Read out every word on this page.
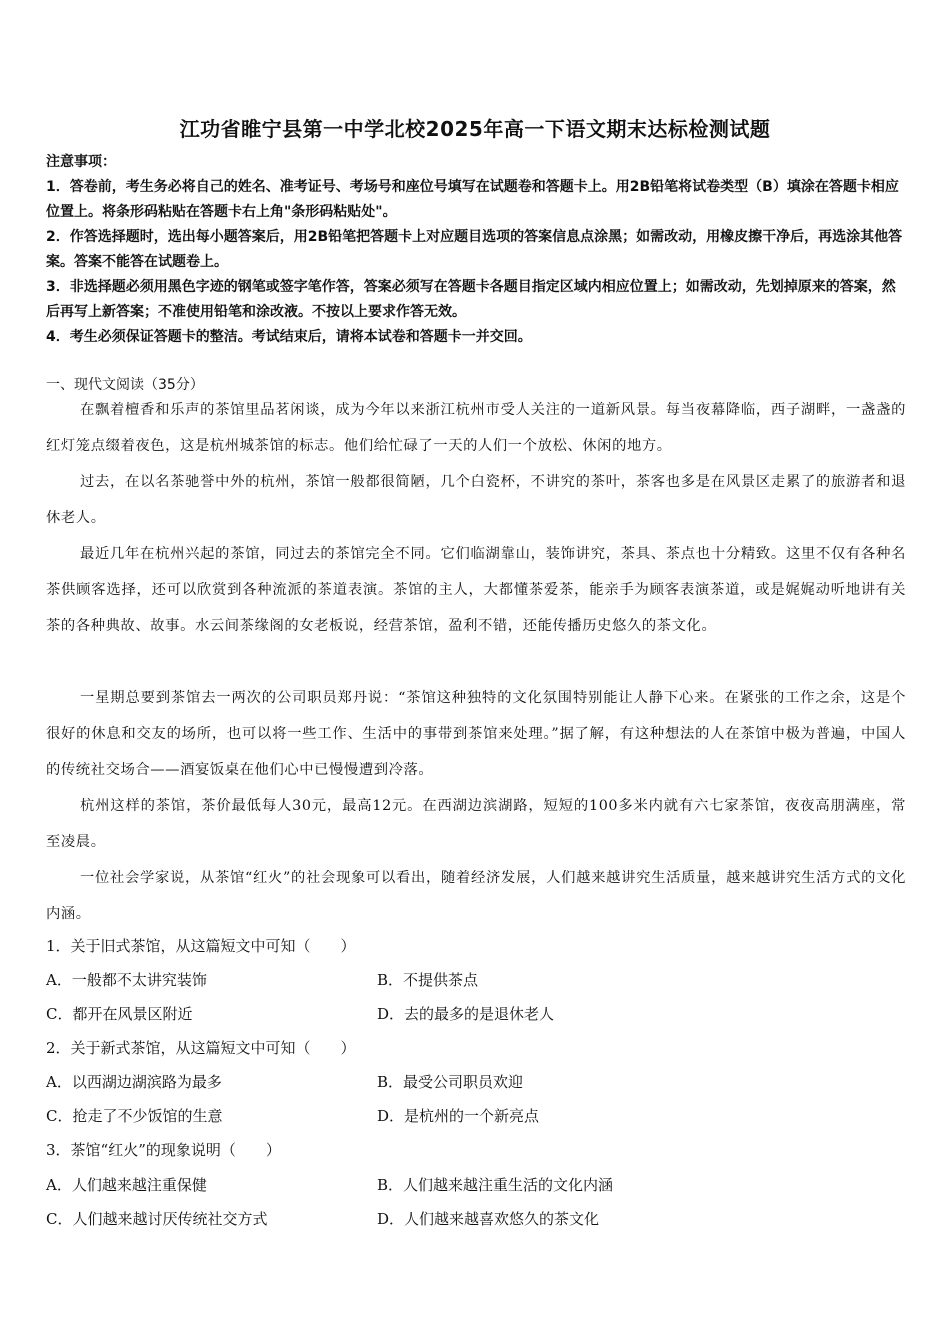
江功省睢宁县第一中学北校2025年高一下语文期末达标检测试题
注意事项：
1．答卷前，考生务必将自己的姓名、准考证号、考场号和座位号填写在试题卷和答题卡上。用2B铅笔将试卷类型（B）填涂在答题卡相应位置上。将条形码粘贴在答题卡右上角"条形码粘贴处"。
2．作答选择题时，选出每小题答案后，用2B铅笔把答题卡上对应题目选项的答案信息点涂黑；如需改动，用橡皮擦干净后，再选涂其他答案。答案不能答在试题卷上。
3．非选择题必须用黑色字迹的钢笔或签字笔作答，答案必须写在答题卡各题目指定区域内相应位置上；如需改动，先划掉原来的答案，然后再写上新答案；不准使用铅笔和涂改液。不按以上要求作答无效。
4．考生必须保证答题卡的整洁。考试结束后，请将本试卷和答题卡一并交回。
一、现代文阅读（35分）
在飘着檀香和乐声的茶馆里品茗闲谈，成为今年以来浙江杭州市受人关注的一道新风景。每当夜幕降临，西子湖畔，一盏盏的红灯笼点缀着夜色，这是杭州城茶馆的标志。他们给忙碌了一天的人们一个放松、休闲的地方。
过去，在以名茶驰誉中外的杭州，茶馆一般都很简陋，几个白瓷杯，不讲究的茶叶，茶客也多是在风景区走累了的旅游者和退休老人。
最近几年在杭州兴起的茶馆，同过去的茶馆完全不同。它们临湖靠山，装饰讲究，茶具、茶点也十分精致。这里不仅有各种名茶供顾客选择，还可以欣赏到各种流派的茶道表演。茶馆的主人，大都懂茶爱茶，能亲手为顾客表演茶道，或是娓娓动听地讲有关茶的各种典故、故事。水云间茶缘阁的女老板说，经营茶馆，盈利不错，还能传播历史悠久的茶文化。
一星期总要到茶馆去一两次的公司职员郑丹说：“茶馆这种独特的文化氛围特别能让人静下心来。在紧张的工作之余，这是个很好的休息和交友的场所，也可以将一些工作、生活中的事带到茶馆来处理。”据了解，有这种想法的人在茶馆中极为普遍，中国人的传统社交场合——酒宴饭桌在他们心中已慢慢遭到冷落。
杭州这样的茶馆，茶价最低每人30元，最高12元。在西湖边滨湖路，短短的100多米内就有六七家茶馆，夜夜高朋满座，常至凌晨。
一位社会学家说，从茶馆“红火”的社会现象可以看出，随着经济发展，人们越来越讲究生活质量，越来越讲究生活方式的文化内涵。
1．关于旧式茶馆，从这篇短文中可知（　　）
A．一般都不太讲究装饰	B．不提供茶点
C．都开在风景区附近	D．去的最多的是退休老人
2．关于新式茶馆，从这篇短文中可知（　　）
A．以西湖边湖滨路为最多	B．最受公司职员欢迎
C．抢走了不少饭馆的生意	D．是杭州的一个新亮点
3．茶馆“红火”的现象说明（　　）
A．人们越来越注重保健	B．人们越来越注重生活的文化内涵
C．人们越来越讨厌传统社交方式	D．人们越来越喜欢悠久的茶文化
